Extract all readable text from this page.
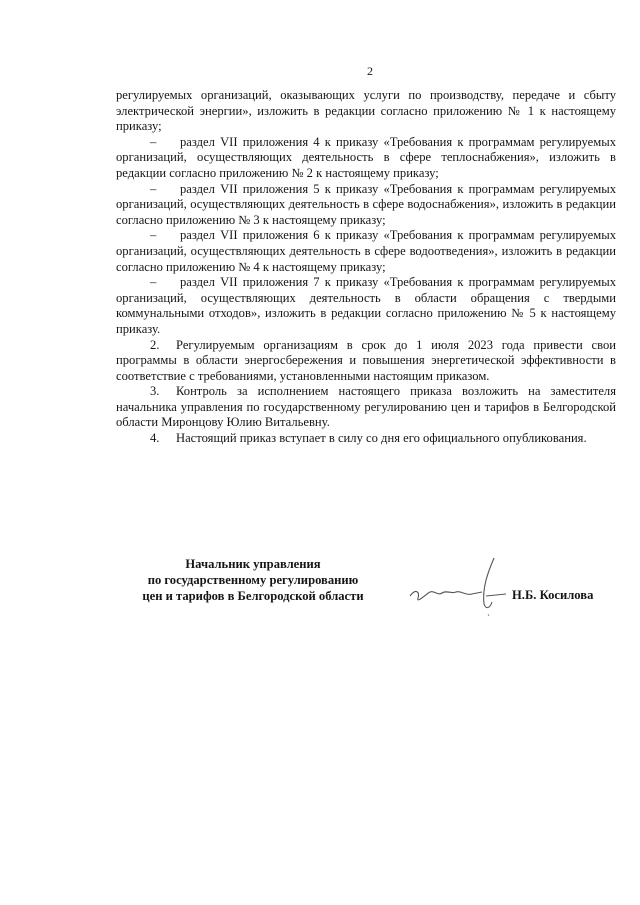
2

регулируемых организаций, оказывающих услуги по производству, передаче и сбыту электрической энергии», изложить в редакции согласно приложению № 1 к настоящему приказу;

– раздел VII приложения 4 к приказу «Требования к программам регулируемых организаций, осуществляющих деятельность в сфере теплоснабжения», изложить в редакции согласно приложению № 2 к настоящему приказу;

– раздел VII приложения 5 к приказу «Требования к программам регулируемых организаций, осуществляющих деятельность в сфере водоснабжения», изложить в редакции согласно приложению № 3 к настоящему приказу;

– раздел VII приложения 6 к приказу «Требования к программам регулируемых организаций, осуществляющих деятельность в сфере водоотведения», изложить в редакции согласно приложению № 4 к настоящему приказу;

– раздел VII приложения 7 к приказу «Требования к программам регулируемых организаций, осуществляющих деятельность в области обращения с твердыми коммунальными отходов», изложить в редакции согласно приложению № 5 к настоящему приказу.

2. Регулируемым организациям в срок до 1 июля 2023 года привести свои программы в области энергосбережения и повышения энергетической эффективности в соответствие с требованиями, установленными настоящим приказом.

3. Контроль за исполнением настоящего приказа возложить на заместителя начальника управления по государственному регулированию цен и тарифов в Белгородской области Миронцову Юлию Витальевну.

4. Настоящий приказ вступает в силу со дня его официального опубликования.

Начальник управления
по государственному регулированию
цен и тарифов в Белгородской области	Н.Б. Косилова
